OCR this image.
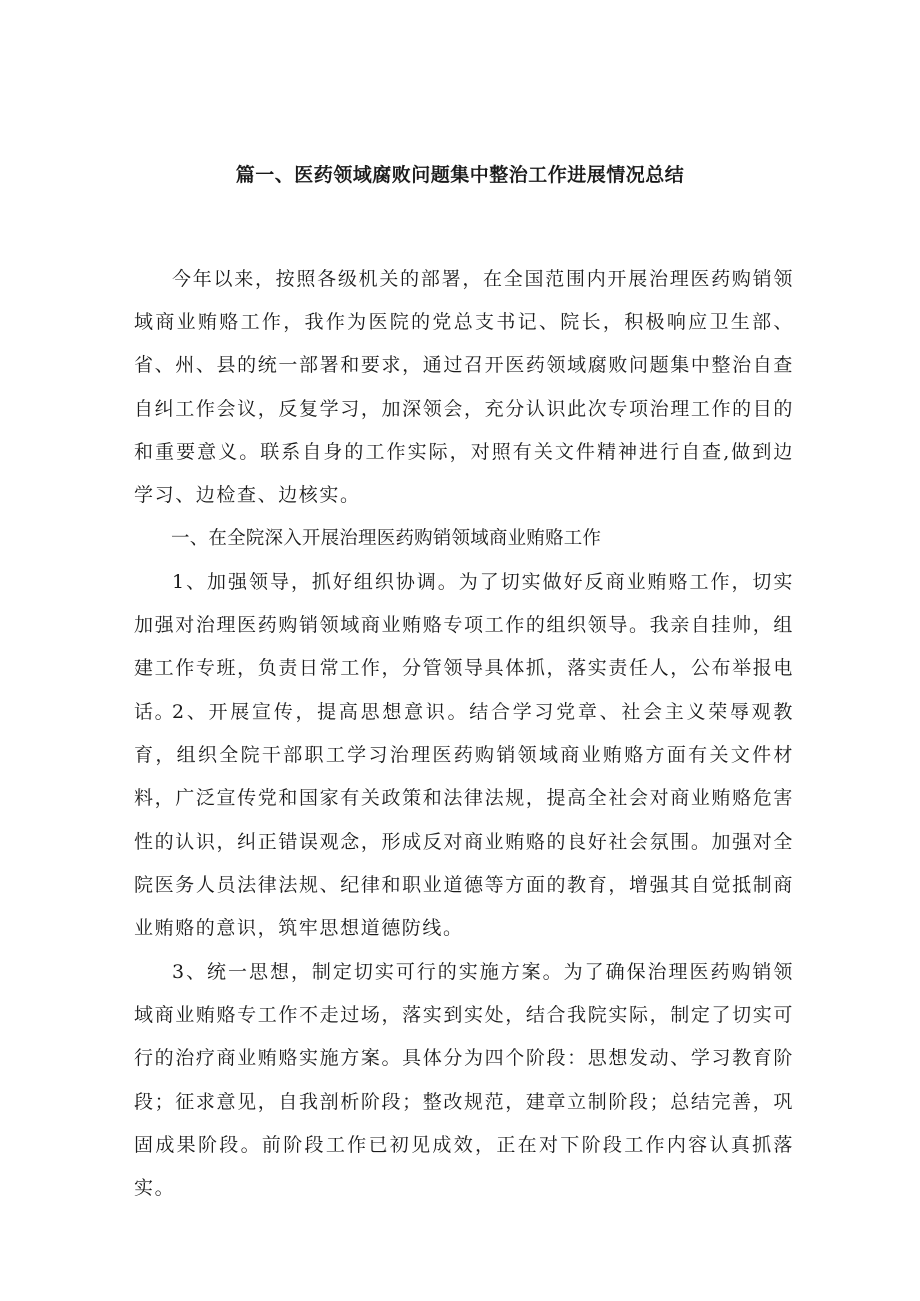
篇一、医药领域腐败问题集中整治工作进展情况总结

今年以来，按照各级机关的部署，在全国范围内开展治理医药购销领域商业贿赂工作，我作为医院的党总支书记、院长，积极响应卫生部、省、州、县的统一部署和要求，通过召开医药领域腐败问题集中整治自查自纠工作会议，反复学习，加深领会，充分认识此次专项治理工作的目的和重要意义。联系自身的工作实际，对照有关文件精神进行自查,做到边学习、边检查、边核实。

一、在全院深入开展治理医药购销领域商业贿赂工作

1、加强领导，抓好组织协调。为了切实做好反商业贿赂工作，切实加强对治理医药购销领域商业贿赂专项工作的组织领导。我亲自挂帅，组建工作专班，负责日常工作，分管领导具体抓，落实责任人，公布举报电话。

2、开展宣传，提高思想意识。结合学习党章、社会主义荣辱观教育，组织全院干部职工学习治理医药购销领域商业贿赂方面有关文件材料，广泛宣传党和国家有关政策和法律法规，提高全社会对商业贿赂危害性的认识，纠正错误观念，形成反对商业贿赂的良好社会氛围。加强对全院医务人员法律法规、纪律和职业道德等方面的教育，增强其自觉抵制商业贿赂的意识，筑牢思想道德防线。

3、统一思想，制定切实可行的实施方案。为了确保治理医药购销领域商业贿赂专工作不走过场，落实到实处，结合我院实际，制定了切实可行的治疗商业贿赂实施方案。具体分为四个阶段：思想发动、学习教育阶段；征求意见，自我剖析阶段；整改规范，建章立制阶段；总结完善，巩固成果阶段。前阶段工作已初见成效，正在对下阶段工作内容认真抓落实。
